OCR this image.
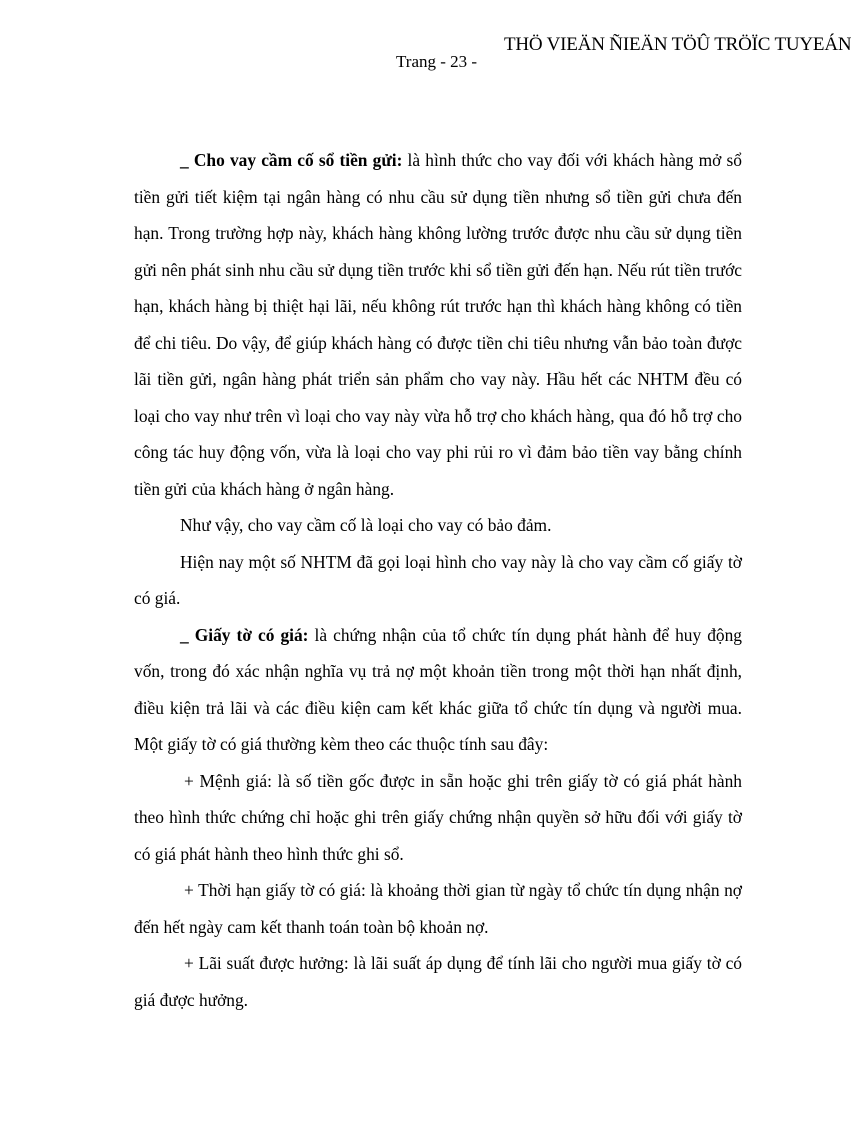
THÖ VIEÄN ÑIEÄN TÖÛ TRÖÏC TUYEÁN
Trang - 23 -

_ Cho vay cầm cố sổ tiền gửi: là hình thức cho vay đối với khách hàng mở sổ tiền gửi tiết kiệm tại ngân hàng có nhu cầu sử dụng tiền nhưng sổ tiền gửi chưa đến hạn. Trong trường hợp này, khách hàng không lường trước được nhu cầu sử dụng tiền gửi nên phát sinh nhu cầu sử dụng tiền trước khi sổ tiền gửi đến hạn. Nếu rút tiền trước hạn, khách hàng bị thiệt hại lãi, nếu không rút trước hạn thì khách hàng không có tiền để chi tiêu. Do vậy, để giúp khách hàng có được tiền chi tiêu nhưng vẫn bảo toàn được lãi tiền gửi, ngân hàng phát triển sản phẩm cho vay này. Hầu hết các NHTM đều có loại cho vay như trên vì loại cho vay này vừa hỗ trợ cho khách hàng, qua đó hỗ trợ cho công tác huy động vốn, vừa là loại cho vay phi rủi ro vì đảm bảo tiền vay bằng chính tiền gửi của khách hàng ở ngân hàng.

Như vậy, cho vay cầm cố là loại cho vay có bảo đảm.

Hiện nay một số NHTM đã gọi loại hình cho vay này là cho vay cầm cố giấy tờ có giá.

_ Giấy tờ có giá: là chứng nhận của tổ chức tín dụng phát hành để huy động vốn, trong đó xác nhận nghĩa vụ trả nợ một khoản tiền trong một thời hạn nhất định, điều kiện trả lãi và các điều kiện cam kết khác giữa tổ chức tín dụng và người mua. Một giấy tờ có giá thường kèm theo các thuộc tính sau đây:

+ Mệnh giá: là số tiền gốc được in sẵn hoặc ghi trên giấy tờ có giá phát hành theo hình thức chứng chỉ hoặc ghi trên giấy chứng nhận quyền sở hữu đối với giấy tờ có giá phát hành theo hình thức ghi sổ.

+ Thời hạn giấy tờ có giá: là khoảng thời gian từ ngày tổ chức tín dụng nhận nợ đến hết ngày cam kết thanh toán toàn bộ khoản nợ.

+ Lãi suất được hưởng: là lãi suất áp dụng để tính lãi cho người mua giấy tờ có giá được hưởng.
